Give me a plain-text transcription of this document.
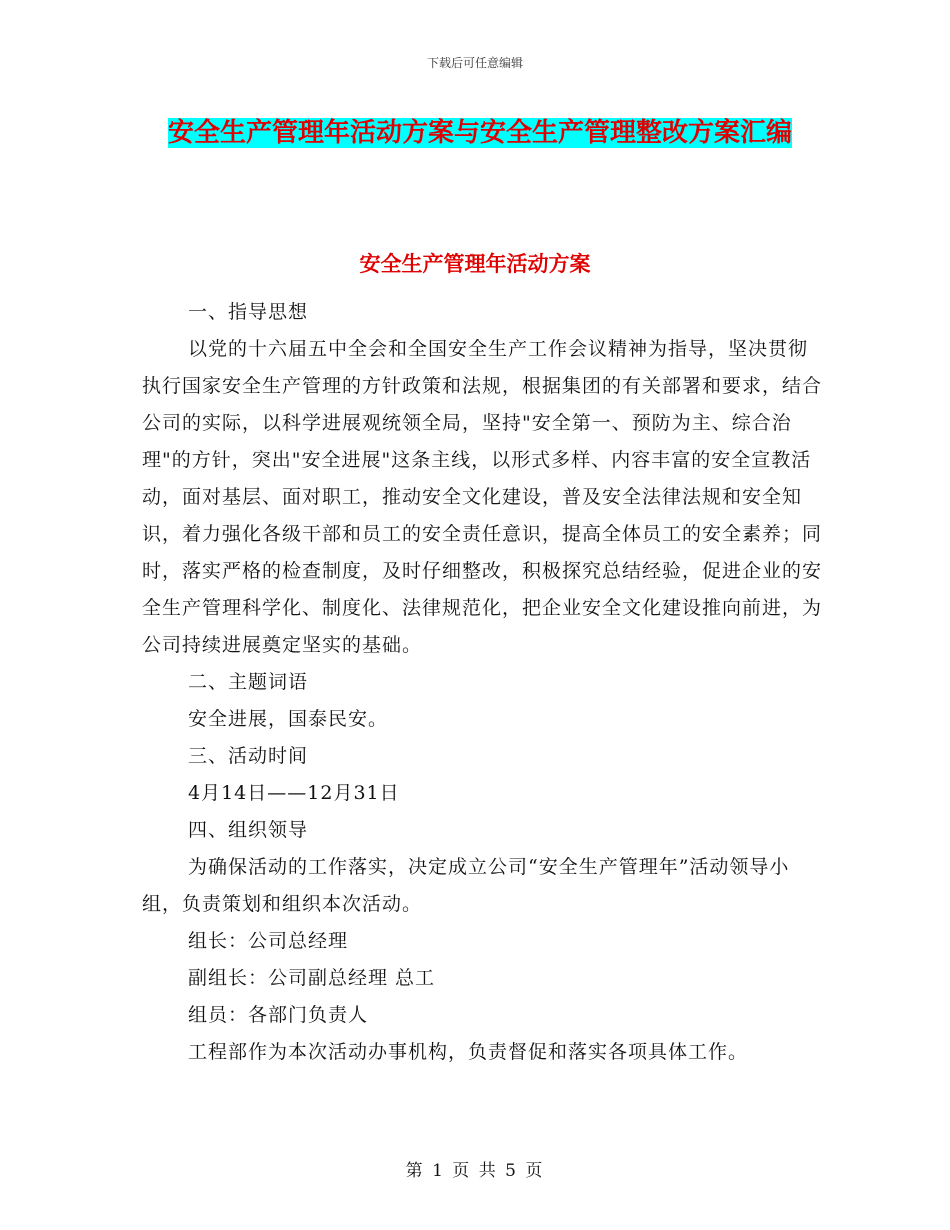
下载后可任意编辑
安全生产管理年活动方案与安全生产管理整改方案汇编
安全生产管理年活动方案

一、指导思想

以党的十六届五中全会和全国安全生产工作会议精神为指导，坚决贯彻执行国家安全生产管理的方针政策和法规，根据集团的有关部署和要求，结合公司的实际，以科学进展观统领全局，坚持"安全第一、预防为主、综合治理"的方针，突出"安全进展"这条主线，以形式多样、内容丰富的安全宣教活动，面对基层、面对职工，推动安全文化建设，普及安全法律法规和安全知识，着力强化各级干部和员工的安全责任意识，提高全体员工的安全素养；同时，落实严格的检查制度，及时仔细整改，积极探究总结经验，促进企业的安全生产管理科学化、制度化、法律规范化，把企业安全文化建设推向前进，为公司持续进展奠定坚实的基础。

二、主题词语

安全进展，国泰民安。

三、活动时间

4月14日——12月31日

四、组织领导

为确保活动的工作落实，决定成立公司“安全生产管理年”活动领导小组，负责策划和组织本次活动。

组长：公司总经理

副组长：公司副总经理 总工

组员：各部门负责人

工程部作为本次活动办事机构，负责督促和落实各项具体工作。

第 1 页 共 5 页
